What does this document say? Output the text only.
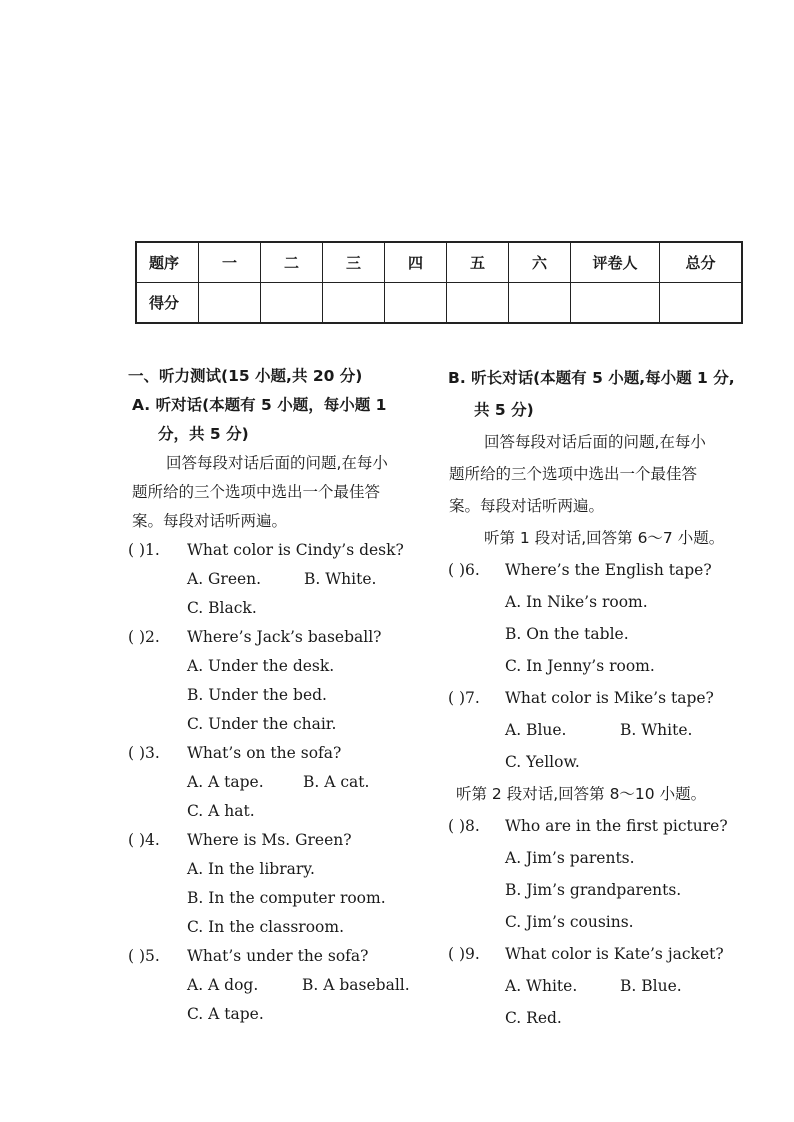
题序	一	二	三	四	五	六	评卷人	总分
得分								
一、听力测试(15 小题,共 20 分)
A. 听对话(本题有 5 小题，每小题 1
分，共 5 分)
回答每段对话后面的问题,在每小
题所给的三个选项中选出一个最佳答
案。每段对话听两遍。
( )1. What color is Cindy’s desk?
A. Green.	B. White.
C. Black.
( )2. Where’s Jack’s baseball?
A. Under the desk.
B. Under the bed.
C. Under the chair.
( )3. What’s on the sofa?
A. A tape.	B. A cat.
C. A hat.
( )4. Where is Ms. Green?
A. In the library.
B. In the computer room.
C. In the classroom.
( )5. What’s under the sofa?
A. A dog.	B. A baseball.
C. A tape.
B. 听长对话(本题有 5 小题,每小题 1 分,
共 5 分)
回答每段对话后面的问题,在每小
题所给的三个选项中选出一个最佳答
案。每段对话听两遍。
听第 1 段对话,回答第 6～7 小题。
( )6. Where’s the English tape?
A. In Nike’s room.
B. On the table.
C. In Jenny’s room.
( )7. What color is Mike’s tape?
A. Blue.	B. White.
C. Yellow.
听第 2 段对话,回答第 8～10 小题。
( )8. Who are in the first picture?
A. Jim’s parents.
B. Jim’s grandparents.
C. Jim’s cousins.
( )9. What color is Kate’s jacket?
A. White.	B. Blue.
C. Red.
